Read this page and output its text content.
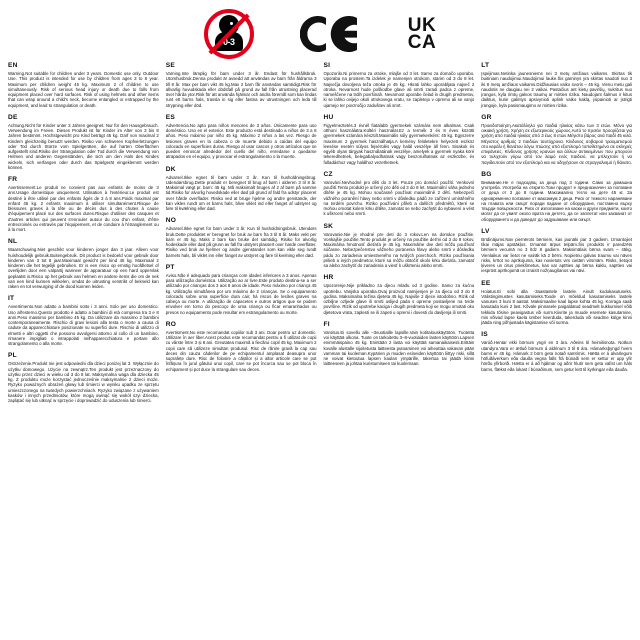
0-3
UK
CA
EN
Warning.Not suitable for children under 3 years. Domestic use only. Outdoor Use. This product is intended for use by children from ages 3 to 8 year. Maximum per children weight 45 kg. Maximum 2 of children to use simultaneously. Risk of serious head injury or death due to falls from equipment placed over hard surfaces. Risk of using helmets and other items that can wrap around a child's neck, become entangled or entrapped by the equipment, and lead to strangulation or death.
DE
Achtung.Nicht für Kinder unter 3 Jahren geeignet. Nur für den Hausgebrauch. Verwendung im Freien. Dieses Produkt ist für Kinder im Alter von 3 bis 8 Jahren bestimmt. Höchstgewicht pro Kind beträgt 45 kg. Darf von maximal 2 Kindern gleichzeitig benutzt werden. Risiko von schweren Kopfverletzungen oder Tod durch Stürze vom Spielgeräten, die auf harten Oberflächen aufgestellt sind.Risiko der Strangulation oder Tod durch die Verwendung von Helmen und anderen Gegenständen, die sich um den Hals des Kindes wickeln, sich verfangen oder durch das Spielgerät eingeklemmt werden können.
FR
Avertissement.Le produit ne convient pas aux enfants de moins de 3 ans.Usage domestique uniquement. Utilisation à l'extérieur.Le produit est destiné à être utilisé par des enfants âgés de 3 à 8 ans.Poids maximal par enfant 45 kg. 2 enfants maximum à utiliser simultanément.Risque de blessures graves à la tête ou de décès dus à des chutes à cause d'équipement placé sur des surfaces dures.Risque d'utiliser des casques et d'autres articles qui peuvent s'enrouler autour du cou d'un enfant, d'être entrecroisés ou entravés par l'équipement, et de conduire à l'étranglement ou à la mort.
NL
Waarschuwing.Niet geschikt voor kinderen jonger dan 3 jaar. Alleen voor huishoudelijk gebruik.Buitengebruik. Dit product is bedoeld voor gebruik door kinderen van 3 tot 8 jaar.Maximaal gewicht per kind 45 kg. Maximaal 2 kinderen die het tegelijk gebruiken. Er is een risico op ernstig hoofdletsel of overlijden door een valpartij wanneer de apparatuur op een hard oppervlak geplaatst is.Risico op het gebruik van helmen en andere items die om de nek van een kind kunnen wikkelen, omdat de uitrusting verstrikt of bekneld kan raken en tot verwurging of de dood kunnen leiden.
IT
Avvertimento.Non adatto a bambini sotto i 3 anni. Solo per uso domestico. Uso all'esterno.Questo prodotto è adatto a bambini di età compresa tra 3 e 8 anni.Peso massimo per bambino 45 kg. Da utilizzare da massimo 2 bambini contemporaneamente. Rischio di gravi lesioni alla testa o morte a causa di cadute da apparecchiature posizionate su superfici dure. Rischio di utilizzo di elmetti e altri oggetti che possono avvolgersi attorno al collo di un bambino, rimanere impigliati o intrappolati nell'apparecchiatura e portare allo strangolamento o alla morte.
PL
Ostrzeżenie.Produkt nie jest odpowiedni dla dzieci poniżej lat 3. Wyłącznie do użytku domowego. Użycie na zewnątrz.Ten produkt jest przeznaczony do użytku przez dzieci w wieku od 3 do 8 lat. Maksymalna waga dla dziecka 45 kg. Z produktu może korzystać jednocześnie maksymalnie 2 dzieci może. Ryzyko poważnych obrażeń głowy lub śmierci w wyniku upadku ze sprzętu umieszczonego na twardych powierzchniach. Ryzyko związane z używaniem kasków i innych przedmiotów, które mogą owinąć się wokół szyi dziecka, zaplątać się lub utknąć w sprzęcie i doprowadzić do uduszenia lub śmierci.
SE
Varning.Inte lämplig för barn under 3 år. Endast för hushållsbruk. Utomhusbruk.Denna produkt är avsedd att användas av barn från åldrarna 3 till 8 år. Max per barn vikt 45 kg.Max 2 barn får användas samtidigt.Risk för allvarlig huvudskada eller dödsfall på grund av fall från utrustning placerad över hårda ytor.Risk för att använda hjälmar och andra föremål som kan lindas runt ett barns hals, trassla in sig eller fastna av utrustningen och leda till strypning eller död.
ES
Advertencia.No apto para niños menores de 3 años. Únicamente para uso doméstico. Uso en el exterior. Este producto está destinado a niños de 3 a 8 años. Peso máximo por niño 45 kg. Máximo 2 niños a las vez. Riesgo de lesiones graves en la cabeza o de muerte debido a caídas del equipo colocado en superficies duras. Riesgo al usar cascos y otros artículos que se pueden enroscar alrededor del cuello del niño, enredarse o quedarse atrapados en el equipo, y provocar el estrangulamiento o la muerte.
DK
Advarsel.Ikke egnet til børn under 3 år. Kun til husholdningsbrug. Udendørsbrug.Dette produkt er beregnet til brug af børn i alderen 3 til 8 år. Maksimal vægt pr. barn: 45 kg. Må maksimalt bruges af 2 af børn på samme tid.Risiko for alvorlig hovedskade eller død på grund af fald fra udstyr placeret over hårde overflader. Risiko ved at bruge hjelme og andre genstande, der kan vikles rundt om et barns hals, blive viklet ind eller fanget af udstyret og føre til kvælning eller død.
NO
Advarsel.Ikke egnet for barn under 3 år. Kun til husholdningsbruk. Utendørs bruk.Dette produktet er beregnet for bruk av barn fra 3 til 8 år. Maks vekt per barn er 45 kg. Maks 2 barn kan bruke det samtidig. Risiko for alvorlig hodeskade eller død på grunn av fall fra utstyret plassert over harde overflater. Risiko ved bruk av hjelmer og andre gjenstander som kan vikle seg rundt barnets hals, bli viklet inn eller fanget av utstyret og føre til kvelning eller død.
PT
Aviso.Não é adequado para crianças com idades inferiores a 3 anos. Apenas para utilização doméstica. Utilização ao ar livre.Este produto destina-se a ser utilizado por crianças dos 3 aos 8 anos de idade. Peso máximo por criança 45 kg. Utilização simultânea por um máximo de 2 crianças. Se o equipamento colocado sobre uma superfície dura cair, há riscos de lesões graves na cabeça ou morte. A utilização de capacetes e outros artigos que se podem envolver em torno do pescoço de uma criança ou ficar emaranhados ou presos no equipamento pode resultar em estrangulamento ou morte.
RO
Avertisment.Nu este recomandat copiilor sub 3 ani. Doar pentru uz domestic. Utilizare în aer liber.Acest produs este recomandat pentru a fi utilizat de copii cu vârste între 3 și 8 ani. Greutatea maximă a fiecărui copil 45 kg. Maximum 2 copii care să utilizeze simultan produsul. Risc de rănire gravă la cap sau deces din cauza căderilor de pe echipamentul amplasat deasupra unor suprafețe dure. Risc de folosire a căștilor și a altor articole care se pot înfășura în jurul gâtului unui copil, care se pot încurca sau se pot bloca în echipament și pot duce la strangulare sau deces.
SI
Opozorilo.Ni primerno za otroke, mlajše od 3 let. Samo za domačo uporabo. Uporaba na prostem.Ta izdelek je namenjen otrokom, starim od 3 do 8 let. Največja dovoljena teža otroka je 45 kg. Hkrati lahko uporabljata največ 2 otroka. Nevarnost hude poškodbe glave ali smrti zaradi padca z opreme, nameščene na trdih površinah. Nevarnost uporabe čelad in drugih predmetov, ki se lahko ovijejo okoli otrokovega vratu, se zapletejo v opremo ali se vanjo ujamejo ter povzročijo zadušitev ali smrt.
HU
Figyelmeztetés.3 évnél fiatalabb gyermekek számára nem alkalmas. Csak otthoni használatra.Kültéri használat.Ez a termék 3 és 8 éves közötti gyermekek számára készült.Maximális súly gyermekenként: 45 kg. Egyszerre maximum 2 gyermek használhatja.A kemény felületekre helyezett eszköz leesése esetén súlyos fejsérülés vagy halál veszélye áll fenn. Sisakok és egyéb olyan tárgyak használatának veszélye, amelyek a gyermek nyaka köré tekeredhetnek, belegabalyodhatnak vagy beszorulhatnak az eszközbe, és fulladáshoz vagy halálhoz vezethetnek.
CZ
Varování.Nevhodné pro děti do 3 let. Pouze pro domácí použití. Venkovní použití.Tento produkt je určený pro děti od 3 do 8 let. Maximální váha jednoho dítěte je 45 kg. Mohou současně používat maximálně 2 dětí. Nebezpečí vážného poranění hlavy nebo smrti v důsledku pádů ze zařízení umístěného na tvrdém povrchu. Riziko používání přileb a dalších předmětů, které se mohou omotat kolem krku dítěte, zamotat se nebo zachytit do vybavení a vést k uškrcení nebo smrti.
SK
Varovanie.Nie je vhodné pre deti do 3 rokov.Len na domáce použitie. Vonkajšie použitie.Tento produkt je určený na použitie deťmi od 3 do 8 rokov. Maximálna hmotnosť dieťaťa je 45 kg. Maximálne dve deti môžu používať súčasne. Nebezpečenstvo vážneho poranenia hlavy alebo smrti v dôsledku pádu zo zariadenia umiestneného na tvrdých povrchoch. Riziko používania prilieb a iných predmetov, ktoré sa môžu obtočiť okolo krku dieťaťa, zamotať sa alebo zachytiť do zariadenia a viesť k uškrteniu alebo smrti.
HR
Upozorenje.Nije prikladno za djecu mlađu od 3 godine. Samo za kućnu upotrebu. Vanjska uporaba.Ovaj proizvod namijenjen je za djecu od 3 do 8 godina. Maksimalna težina djeteta 45 kg. Najviše 2 djece istodobno. Rizik od ozbiljne ozljede glave ili smrti uslijed pada s opreme postavljene na tvrde površine. Rizik od upotrebe kaciga i drugih predmeta koji se mogu omotati oko djetetova vrata, zaplesti se ili zapeti u opremi i dovesti do davljenja ili smrti.
FI
Varoitus.Ei sovellu alle –3vuotiaille lapsille.Vain kotitalouskäyttöön. Tuotetta voi käyttää ulkona. Tuote on tarkoitettu 3–8-vuotiaiden lasten käyttöön.Lapsen enimmäispaino 45 kg. Enintään 2 lasta voi käyttää samanaikaisesti.Erittäin kovalle alustalle sijoitetusta laitteesta putoaminen voi aiheuttaa vakavan pään vamman tai kuoleman.Kypärien ja muiden esineiden käyttöön liittyy riski, sillä ne voivat kietoutua lapsen kaulan ympärille, takertua tai jäädä kiinni laitteeseen ja johtaa kuristumiseen tai kuolemaan.
LT
Įspėjimas.Netinka jaunesniems nei 3 metų amžiaus vaikams. Skirtas tik buitiniam naudojimui.Naudojimui lauke.Šis gaminys yra skirtas naudoti nuo 3 iki 8 metų amžiaus vaikams.Didžiausias vaiko svoris – 45 kg. Vienu metu gali naudotis ne daugiau nei 2 vaikai. Pastačius ant kietų paviršių, nukritus nuo įrangos, kyla rimtų galvos traumų ar mirties rizika. Naudojant šalmus ir kitus daiktus, kurie galintys apsivynioti aplink vaiko kaklą, įsipainioti ar įstrigti įrangoje, kyla pasismaugimo ar mirties rizika.
GR
Προειδοποίηση.Ακατάλληλο για παιδιά ηλικίας κάτω των 3 ετών. Μόνο για οικιακή χρήση. Χρήση σε εξωτερικούς χώρους.Αυτό το προϊόν προορίζεται για χρήση από παιδιά ηλικίας από 3 έως 8 ετών.Μέγιστο βάρος ανά παιδί 45 κιλά. Μέγιστος αριθμός 2 παιδιών ταυτόχρονα. Κίνδυνος σοβαρού τραυματισμού στο κεφάλι ή θανάτου λόγω πτώσης από εξοπλισμό τοποθετημένο σε σκληρές επιφάνειες. Κίνδυνος χρήσης κρανών και άλλων αντικειμένων που μπορούν να τυλιχτούν γύρω από τον λαιμό ενός παιδιού, να μπλεχτούν ή να παγιδευτούν από τον εξοπλισμό και να οδηγήσουν σε στραγγαλισμό ή θάνατο.
BG
Внимание.Не е подходящ за деца под 3 години. Само за домашна употреба. Употреба на открито.Този продукт е предназначен за ползване от деца от 3 до 8 години. Максимално тегло на дете 45 кг. За едновременно ползване от максимум 2 деца. Риск от тежкото нараняване на главата или смърт поради падане от оборудване, поставено върху твърди повърхности. Риск от използване на каски и други предмети, които могат да се увият около врата на детето, да се заплетат или захванат от оборудването и да доведат до задушаване или смърт.
LV
Brīdinājums.Nav piemērots bērniem, kas jaunāki par 3 gadiem. Izmantojiet tikai mājas apstākļos. Izmantot ārpus telpām.Šis produkts ir paredzēts bērniem vecumā no 3 līdz 8 gadiem. Maksimālais bērna svars – 45kg. Vienlaikus var lietot ne vairāk kā 2 bērni. Nopietnu galvas traumu vai nāves risks, krītot no aprīkojuma, kas novietots virs cietām virsmām. Risks, lietojot ķiveres un citus priekšmetus, kas var aptīties ap bērna kaklu, sapīties vai iesprūst aprīkojumā un izraisīt nožņaugšanos vai nāvi.
EE
Hoiatus.Ei sobi alla -3aastastele lastele. Ainult kodukasutuseks. Välistingimustes kasutamiseks.Toode on mõeldud kasutamiseks lastele vanuses 3 kuni 8 aastat. Maksimaalne kaal lapse kohta 45 kg. Korraga saab kasutada kuni 2 last. Kõvale pinnasele paigaldatud seadmelt kukkumisel võib tekkida tõsine peavigastus või surm.Kiivrite ja muude esemete kasutamine, mis võivad lapse kaela ümber keerduda, takerduda või seadme külge kinni jääda ning põhjustada kägistamise või surma.
IS
Varúð.Hentar ekki börnum yngri en 3 ára. Aðeins til heimilisnota. Notkun utandyra.Vara er ætluð börnum á aldrinum 3 til 8 ára. Hámarksþyngd hvers barns er 45 kg. Hámark 2 börn geta notað samtímis. Hætta er á alvarlegum höfuðáverkum eða dauða vegna falls frá búnaði sem er settur er upp yfir hörðu yfirborði. Hætta er á að hjálmar og aðrir hlutir sem geta vafist um háls barns, flækst eða lokast í búnaðinum, sem getur leitt til kyrkingar eða dauða.
